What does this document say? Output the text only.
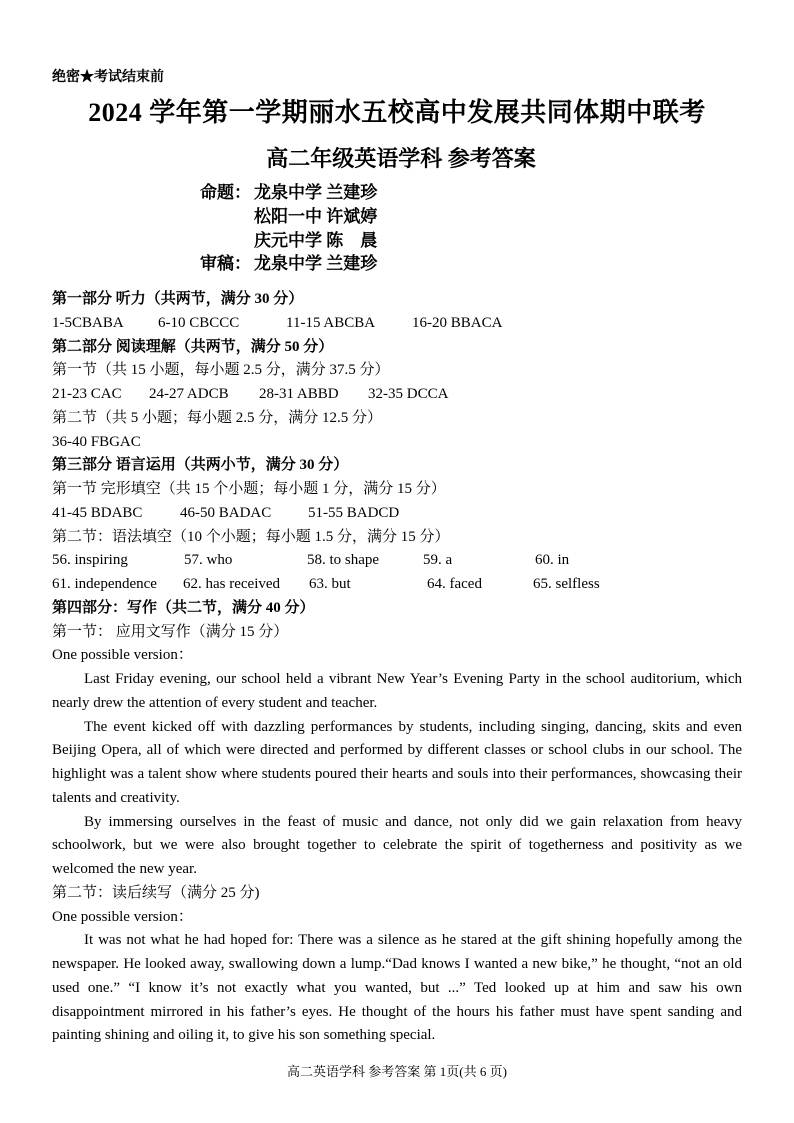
绝密★考试结束前
2024 学年第一学期丽水五校高中发展共同体期中联考
高二年级英语学科 参考答案
命题： 龙泉中学 兰建珍
松阳一中 许斌婷
庆元中学 陈　晨
审稿： 龙泉中学 兰建珍
第一部分 听力（共两节，满分 30 分）
1-5CBABA	6-10 CBCCC	11-15 ABCBA	16-20 BBACA
第二部分 阅读理解（共两节，满分 50 分）
第一节（共 15 小题，每小题 2.5 分，满分 37.5 分）
21-23 CAC	24-27 ADCB	28-31 ABBD	32-35 DCCA
第二节（共 5 小题；每小题 2.5 分，满分 12.5 分）
36-40 FBGAC
第三部分 语言运用（共两小节，满分 30 分）
第一节 完形填空（共 15 个小题；每小题 1 分，满分 15 分）
41-45 BDABC	46-50 BADAC	51-55 BADCD
第二节：语法填空（10 个小题；每小题 1.5 分，满分 15 分）
56. inspiring	57. who	58. to shape	59. a	60. in
61. independence	62. has received	63. but	64. faced	65. selfless
第四部分：写作（共二节，满分 40 分）
第一节： 应用文写作（满分 15 分）
One possible version：
Last Friday evening, our school held a vibrant New Year’s Evening Party in the school auditorium, which nearly drew the attention of every student and teacher.
The event kicked off with dazzling performances by students, including singing, dancing, skits and even Beijing Opera, all of which were directed and performed by different classes or school clubs in our school. The highlight was a talent show where students poured their hearts and souls into their performances, showcasing their talents and creativity.
By immersing ourselves in the feast of music and dance, not only did we gain relaxation from heavy schoolwork, but we were also brought together to celebrate the spirit of togetherness and positivity as we welcomed the new year.
第二节：读后续写（满分 25 分)
One possible version：
It was not what he had hoped for: There was a silence as he stared at the gift shining hopefully among the newspaper. He looked away, swallowing down a lump.“Dad knows I wanted a new bike,” he thought, “not an old used one.” “I know it’s not exactly what you wanted, but ...” Ted looked up at him and saw his own disappointment mirrored in his father’s eyes. He thought of the hours his father must have spent sanding and painting shining and oiling it, to give his son something special.
高二英语学科 参考答案 第 1页(共 6 页)
